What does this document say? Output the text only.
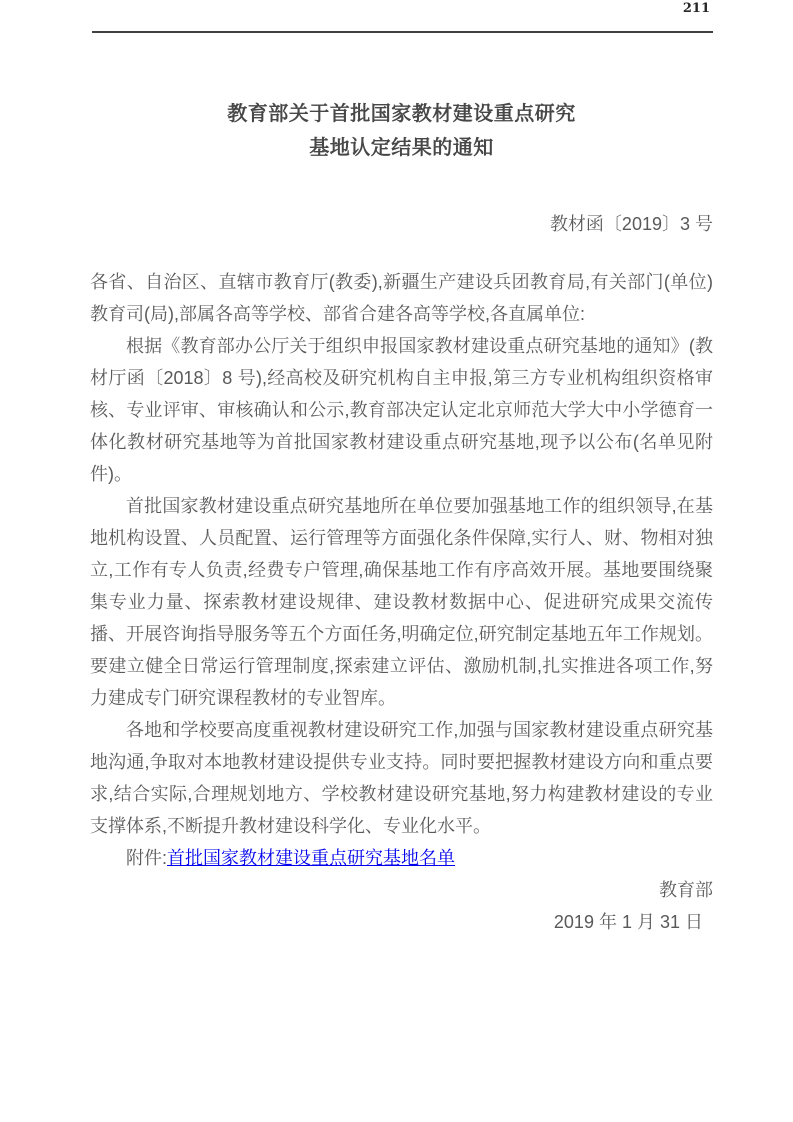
211
教育部关于首批国家教材建设重点研究
基地认定结果的通知
教材函〔2019〕3 号

各省、自治区、直辖市教育厅(教委),新疆生产建设兵团教育局,有关部门(单位)教育司(局),部属各高等学校、部省合建各高等学校,各直属单位:

根据《教育部办公厅关于组织申报国家教材建设重点研究基地的通知》(教材厅函〔2018〕8 号),经高校及研究机构自主申报,第三方专业机构组织资格审核、专业评审、审核确认和公示,教育部决定认定北京师范大学大中小学德育一体化教材研究基地等为首批国家教材建设重点研究基地,现予以公布(名单见附件)。

首批国家教材建设重点研究基地所在单位要加强基地工作的组织领导,在基地机构设置、人员配置、运行管理等方面强化条件保障,实行人、财、物相对独立,工作有专人负责,经费专户管理,确保基地工作有序高效开展。基地要围绕聚集专业力量、探索教材建设规律、建设教材数据中心、促进研究成果交流传播、开展咨询指导服务等五个方面任务,明确定位,研究制定基地五年工作规划。要建立健全日常运行管理制度,探索建立评估、激励机制,扎实推进各项工作,努力建成专门研究课程教材的专业智库。

各地和学校要高度重视教材建设研究工作,加强与国家教材建设重点研究基地沟通,争取对本地教材建设提供专业支持。同时要把握教材建设方向和重点要求,结合实际,合理规划地方、学校教材建设研究基地,努力构建教材建设的专业支撑体系,不断提升教材建设科学化、专业化水平。

附件:首批国家教材建设重点研究基地名单

教育部

2019 年 1 月 31 日
